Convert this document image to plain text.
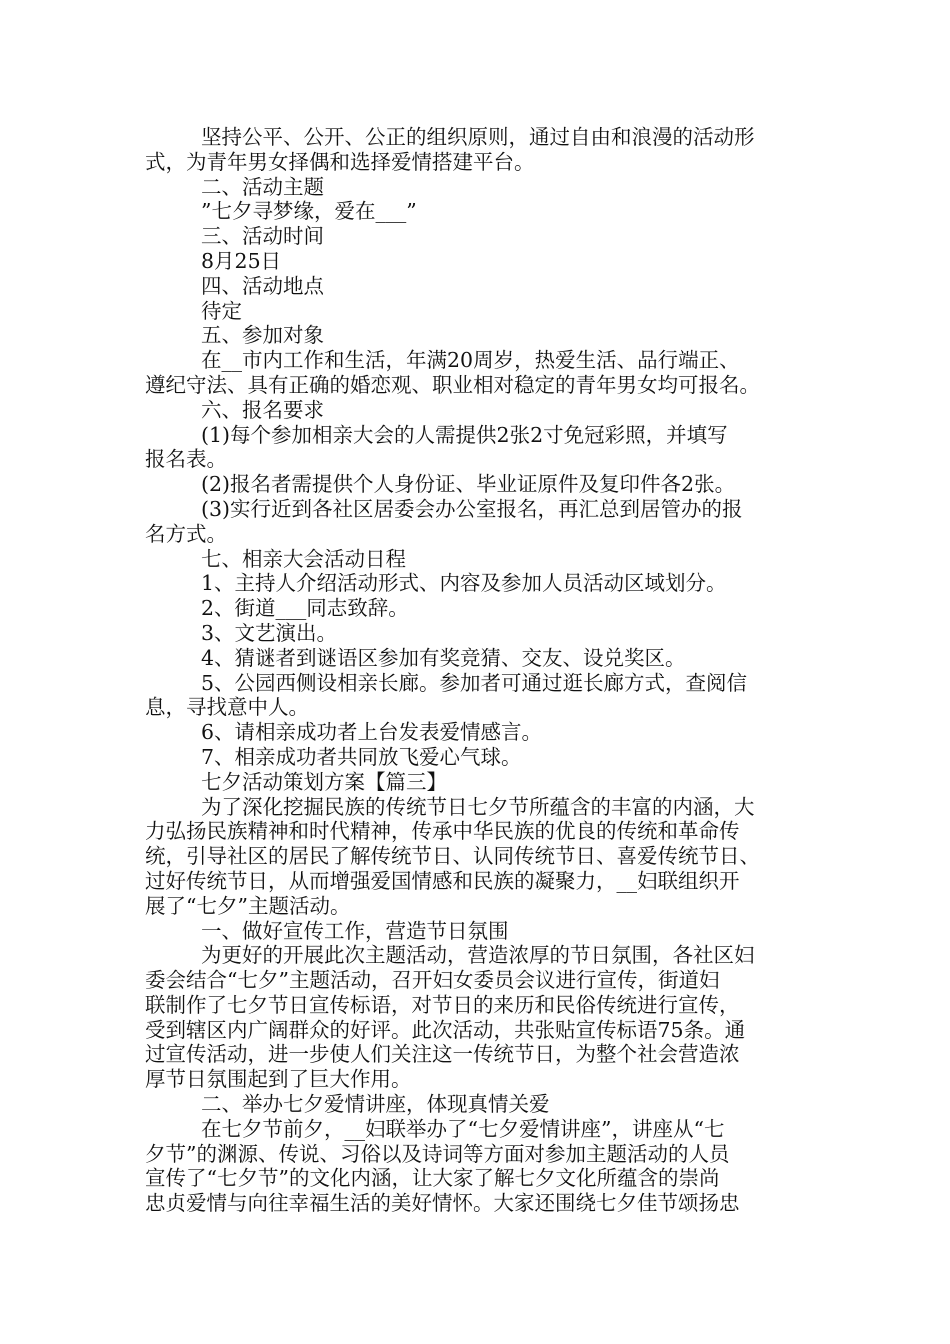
坚持公平、公开、公正的组织原则，通过自由和浪漫的活动形
式，为青年男女择偶和选择爱情搭建平台。
二、活动主题
”七夕寻梦缘，爱在___”
三、活动时间
8月25日
四、活动地点
待定
五、参加对象
在__市内工作和生活，年满20周岁，热爱生活、品行端正、
遵纪守法、具有正确的婚恋观、职业相对稳定的青年男女均可报名。
六、报名要求
(1)每个参加相亲大会的人需提供2张2寸免冠彩照，并填写
报名表。
(2)报名者需提供个人身份证、毕业证原件及复印件各2张。
(3)实行近到各社区居委会办公室报名，再汇总到居管办的报
名方式。
七、相亲大会活动日程
1、主持人介绍活动形式、内容及参加人员活动区域划分。
2、街道___同志致辞。
3、文艺演出。
4、猜谜者到谜语区参加有奖竞猜、交友、设兑奖区。
5、公园西侧设相亲长廊。参加者可通过逛长廊方式，查阅信
息，寻找意中人。
6、请相亲成功者上台发表爱情感言。
7、相亲成功者共同放飞爱心气球。
七夕活动策划方案【篇三】
为了深化挖掘民族的传统节日七夕节所蕴含的丰富的内涵，大
力弘扬民族精神和时代精神，传承中华民族的优良的传统和革命传
统，引导社区的居民了解传统节日、认同传统节日、喜爱传统节日、
过好传统节日，从而增强爱国情感和民族的凝聚力，__妇联组织开
展了“七夕”主题活动。
一、做好宣传工作，营造节日氛围
为更好的开展此次主题活动，营造浓厚的节日氛围，各社区妇
委会结合“七夕”主题活动，召开妇女委员会议进行宣传，街道妇
联制作了七夕节日宣传标语，对节日的来历和民俗传统进行宣传，
受到辖区内广阔群众的好评。此次活动，共张贴宣传标语75条。通
过宣传活动，进一步使人们关注这一传统节日，为整个社会营造浓
厚节日氛围起到了巨大作用。
二、举办七夕爱情讲座，体现真情关爱
在七夕节前夕，__妇联举办了“七夕爱情讲座”，讲座从“七
夕节”的渊源、传说、习俗以及诗词等方面对参加主题活动的人员
宣传了“七夕节”的文化内涵，让大家了解七夕文化所蕴含的崇尚
忠贞爱情与向往幸福生活的美好情怀。大家还围绕七夕佳节颂扬忠
